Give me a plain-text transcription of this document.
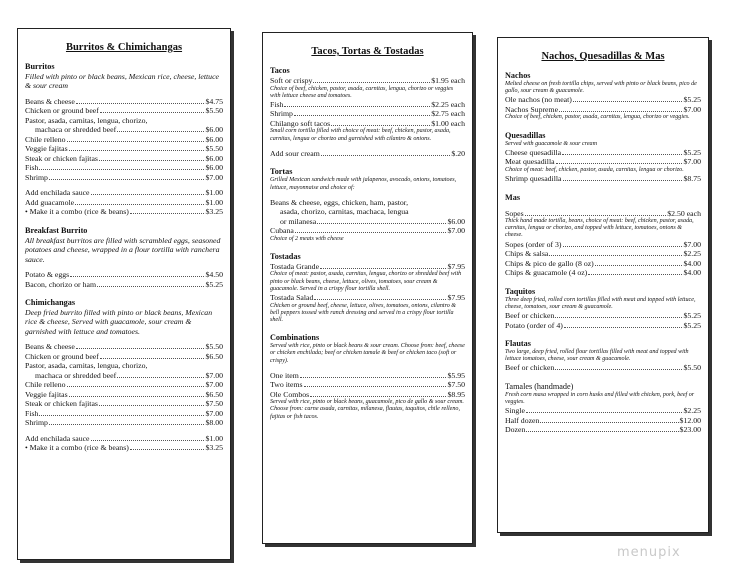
Burritos & Chimichangas
Burritos
Filled with pinto or black beans, Mexican rice, cheese, lettuce & sour cream
Beans & cheese	$4.75
Chicken or ground beef	$5.50
Pastor, asada, carnitas, lengua, chorizo,
machaca or shredded beef	$6.00
Chile relleno	$6.00
Veggie fajitas	$5.50
Steak or chicken fajitas	$6.00
Fish	$6.00
Shrimp	$7.00
Add enchilada sauce	$1.00
Add guacamole	$1.00
• Make it a combo (rice & beans)	$3.25
Breakfast Burrito
All breakfast burritos are filled with scrambled eggs, seasoned potatoes and cheese, wrapped in a flour tortilla with ranchera sauce.
Potato & eggs	$4.50
Bacon, chorizo or ham	$5.25
Chimichangas
Deep fried burrito filled with pinto or black beans, Mexican rice & cheese, Served with guacamole, sour cream & garnished with lettuce and tomatoes.
Beans & cheese	$5.50
Chicken or ground beef	$6.50
Pastor, asada, carnitas, lengua, chorizo,
machaca or shredded beef	$7.00
Chile relleno	$7.00
Veggie fajitas	$6.50
Steak or chicken fajitas	$7.50
Fish	$7.00
Shrimp	$8.00
Add enchilada sauce	$1.00
• Make it a combo (rice & beans)	$3.25
Tacos, Tortas & Tostadas
Tacos
Soft or crispy	$1.95 each
Choice of beef, chicken, pastor, asada, carnitas, lengua, chorizo or veggies with lettuce cheese and tomatoes.
Fish	$2.25 each
Shrimp	$2.75 each
Chilango soft tacos	$1.00 each
Small corn tortilla filled with choice of meat: beef, chicken, pastor, asada, carnitas, lengua or chorizo and garnished with cilantro & onions.
Add sour cream	$.20
Tortas
Grilled Mexican sandwich made with jalapenos, avocado, onions, tomatoes, lettuce, mayonnaise and choice of:
Beans & cheese, eggs, chicken, ham, pastor,
asada, chorizo, carnitas, machaca, lengua
or milanesa	$6.00
Cubana	$7.00
Choice of 2 meats with cheese
Tostadas
Tostada Grande	$7.95
Choice of meat: pastor, asada, carnitas, lengua, chorizo or shredded beef with pinto or black beans, cheese, lettuce, olives, tomatoes, sour cream & guacamole. Served in a crispy flour tortilla shell.
Tostada Salad	$7.95
Chicken or ground beef, cheese, lettuce, olives, tomatoes, onions, cilantro & bell peppers tossed with ranch dressing and served in a crispy flour tortilla shell.
Combinations
Served with rice, pinto or black beans & sour cream. Choose from: beef, cheese or chicken enchilada; beef or chicken tamale & beef or chicken taco (soft or crispy).
One item	$5.95
Two items	$7.50
Ole Combos	$8.95
Served with rice, pinto or black beans, guacamole, pico de gallo & sour cream. Choose from: carne asada, carnitas, milanesa, flautas, taquitos, chile relleno, fajitas or fish tacos.
Nachos, Quesadillas & Mas
Nachos
Melted cheese on fresh tortilla chips, served with pinto or black beans, pico de gallo, sour cream & guacamole.
Ole nachos (no meat)	$5.25
Nachos Supreme	$7.00
Choice of beef, chicken, pastor, asada, carnitas, lengua, chorizo or veggies.
Quesadillas
Served with guacamole & sour cream
Cheese quesadilla	$5.25
Meat quesadilla	$7.00
Choice of meat: beef, chicken, pastor, asada, carnitas, lengua or chorizo.
Shrimp quesadilla	$8.75
Mas
Sopes	$2.50 each
Thick hand made tortilla, beans, choice of meat: beef, chicken, pastor, asada, carnitas, lengua or chorizo, and topped with lettuce, tomatoes, onions & cheese.
Sopes (order of 3)	$7.00
Chips & salsa	$2.25
Chips & pico de gallo (8 oz)	$4.00
Chips & guacamole (4 oz)	$4.00
Taquitos
Three deep fried, rolled corn tortillas filled with meat and topped with lettuce, cheese, tomatoes, sour cream & guacamole.
Beef or chicken	$5.25
Potato (order of 4)	$5.25
Flautas
Two large, deep fried, rolled flour tortillas filled with meat and topped with lettuce tomatoes, cheese, sour cream & guacamole.
Beef or chicken	$5.50
Tamales (handmade)
Fresh corn masa wrapped in corn husks and filled with chicken, pork, beef or veggies.
Single	$2.25
Half dozen	$12.00
Dozen	$23.00
menupix
